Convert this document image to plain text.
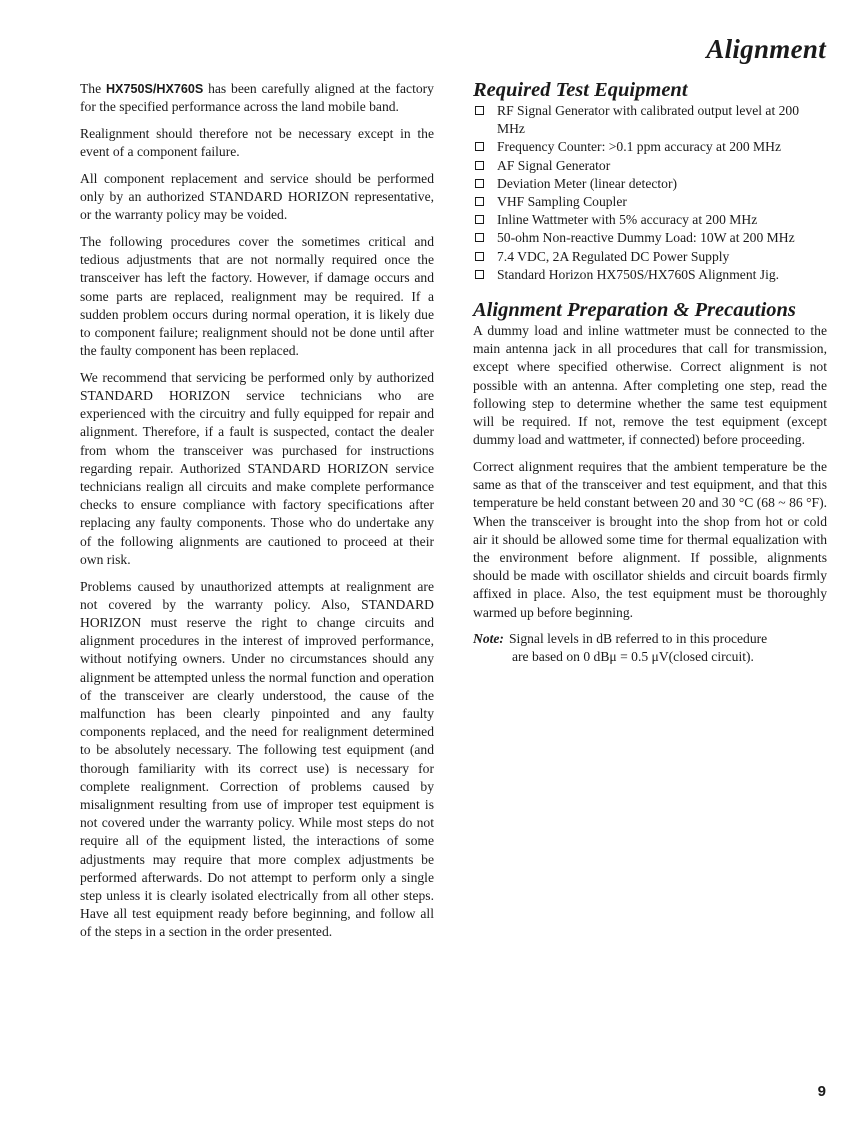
Alignment

The HX750S/HX760S has been carefully aligned at the factory for the specified performance across the land mobile band.

Realignment should therefore not be necessary except in the event of a component failure.

All component replacement and service should be performed only by an authorized STANDARD HORIZON representative, or the warranty policy may be voided.

The following procedures cover the sometimes critical and tedious adjustments that are not normally required once the transceiver has left the factory. However, if damage occurs and some parts are replaced, realignment may be required. If a sudden problem occurs during normal operation, it is likely due to component failure; realignment should not be done until after the faulty component has been replaced.

We recommend that servicing be performed only by authorized STANDARD HORIZON service technicians who are experienced with the circuitry and fully equipped for repair and alignment. Therefore, if a fault is suspected, contact the dealer from whom the transceiver was purchased for instructions regarding repair. Authorized STANDARD HORIZON service technicians realign all circuits and make complete performance checks to ensure compliance with factory specifications after replacing any faulty components. Those who do undertake any of the following alignments are cautioned to proceed at their own risk.

Problems caused by unauthorized attempts at realignment are not covered by the warranty policy. Also, STANDARD HORIZON must reserve the right to change circuits and alignment procedures in the interest of improved performance, without notifying owners. Under no circumstances should any alignment be attempted unless the normal function and operation of the transceiver are clearly understood, the cause of the malfunction has been clearly pinpointed and any faulty components replaced, and the need for realignment determined to be absolutely necessary. The following test equipment (and thorough familiarity with its correct use) is necessary for complete realignment. Correction of problems caused by misalignment resulting from use of improper test equipment is not covered under the warranty policy. While most steps do not require all of the equipment listed, the interactions of some adjustments may require that more complex adjustments be performed afterwards. Do not attempt to perform only a single step unless it is clearly isolated electrically from all other steps. Have all test equipment ready before beginning, and follow all of the steps in a section in the order presented.

Required Test Equipment
RF Signal Generator with calibrated output level at 200 MHz
Frequency Counter: >0.1 ppm accuracy at 200 MHz
AF Signal Generator
Deviation Meter (linear detector)
VHF Sampling Coupler
Inline Wattmeter with 5% accuracy at 200 MHz
50-ohm Non-reactive Dummy Load: 10W at 200 MHz
7.4 VDC, 2A Regulated DC Power Supply
Standard Horizon HX750S/HX760S Alignment Jig.
Alignment Preparation & Precautions

A dummy load and inline wattmeter must be connected to the main antenna jack in all procedures that call for transmission, except where specified otherwise. Correct alignment is not possible with an antenna. After completing one step, read the following step to determine whether the same test equipment will be required. If not, remove the test equipment (except dummy load and wattmeter, if connected) before proceeding.

Correct alignment requires that the ambient temperature be the same as that of the transceiver and test equipment, and that this temperature be held constant between 20 and 30 °C (68 ~ 86 °F). When the transceiver is brought into the shop from hot or cold air it should be allowed some time for thermal equalization with the environment before alignment. If possible, alignments should be made with oscillator shields and circuit boards firmly affixed in place. Also, the test equipment must be thoroughly warmed up before beginning.

Note: Signal levels in dB referred to in this procedure
are based on 0 dBμ = 0.5 μV(closed circuit).
9
